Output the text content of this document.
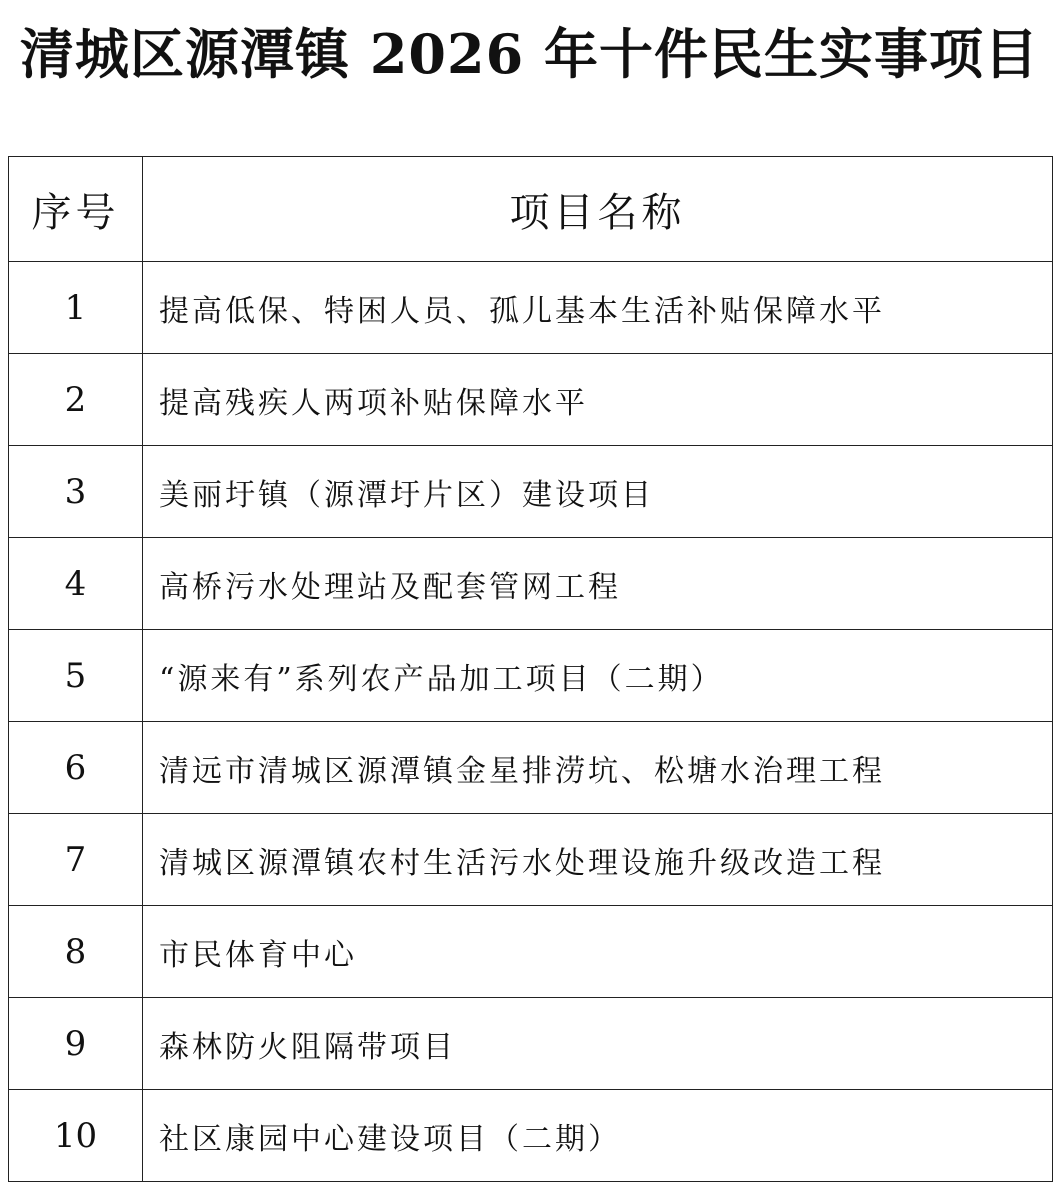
清城区源潭镇 2026 年十件民生实事项目
序号	项目名称
1	提高低保、特困人员、孤儿基本生活补贴保障水平
2	提高残疾人两项补贴保障水平
3	美丽圩镇（源潭圩片区）建设项目
4	高桥污水处理站及配套管网工程
5	“源来有”系列农产品加工项目（二期）
6	清远市清城区源潭镇金星排涝坑、松塘水治理工程
7	清城区源潭镇农村生活污水处理设施升级改造工程
8	市民体育中心
9	森林防火阻隔带项目
10	社区康园中心建设项目（二期）
